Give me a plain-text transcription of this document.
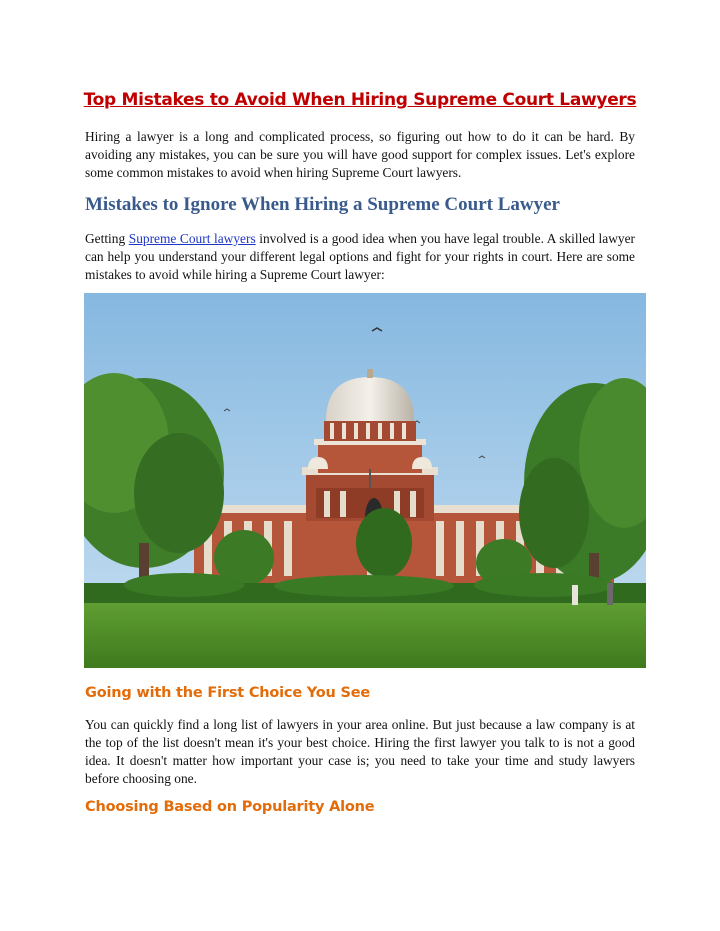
Top Mistakes to Avoid When Hiring Supreme Court Lawyers

Hiring a lawyer is a long and complicated process, so figuring out how to do it can be hard. By avoiding any mistakes, you can be sure you will have good support for complex issues. Let's explore some common mistakes to avoid when hiring Supreme Court lawyers.

Mistakes to Ignore When Hiring a Supreme Court Lawyer

Getting Supreme Court lawyers involved is a good idea when you have legal trouble. A skilled lawyer can help you understand your different legal options and fight for your rights in court. Here are some mistakes to avoid while hiring a Supreme Court lawyer:

Going with the First Choice You See

You can quickly find a long list of lawyers in your area online. But just because a law company is at the top of the list doesn't mean it's your best choice. Hiring the first lawyer you talk to is not a good idea. It doesn't matter how important your case is; you need to take your time and study lawyers before choosing one.

Choosing Based on Popularity Alone
